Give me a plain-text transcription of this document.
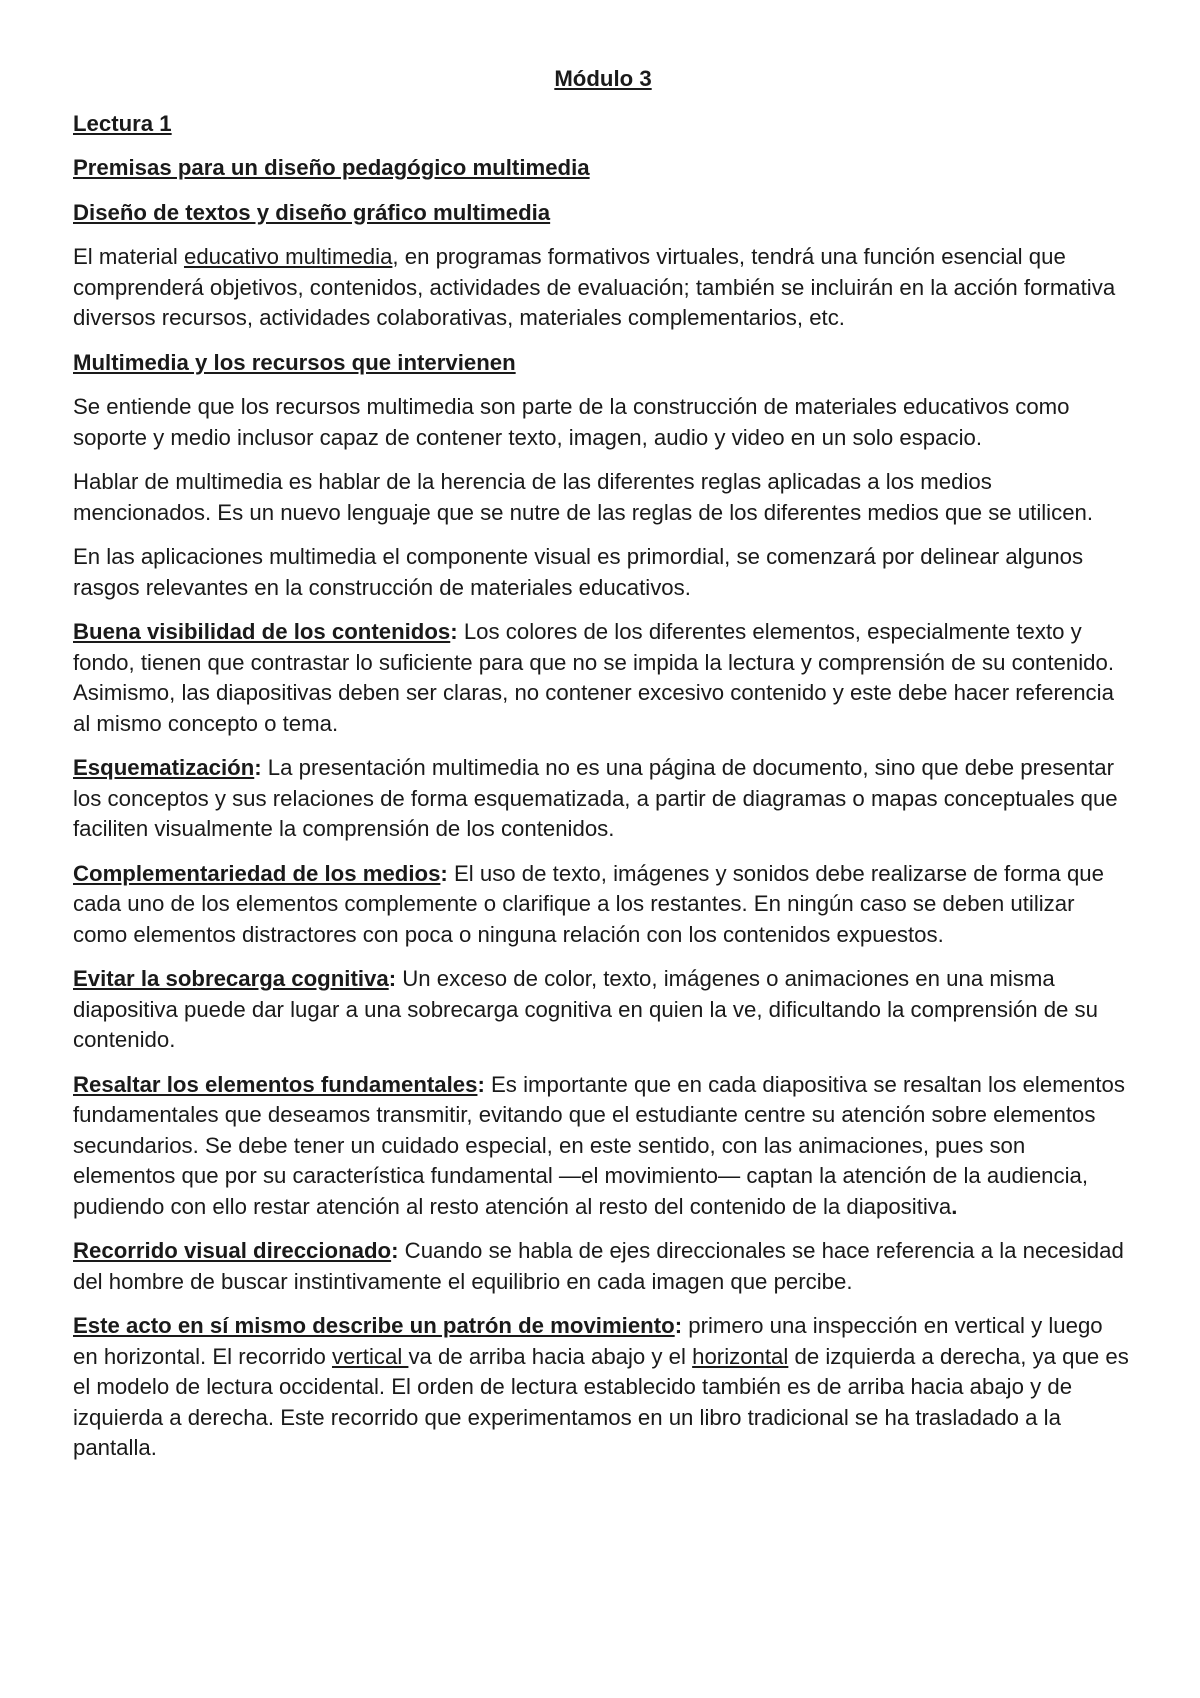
Módulo 3
Lectura 1
Premisas para un diseño pedagógico multimedia
Diseño de textos y diseño gráfico multimedia

El material educativo multimedia, en programas formativos virtuales, tendrá una función esencial que comprenderá objetivos, contenidos, actividades de evaluación; también se incluirán en la acción formativa diversos recursos, actividades colaborativas, materiales complementarios, etc.

Multimedia y los recursos que intervienen

Se entiende que los recursos multimedia son parte de la construcción de materiales educativos como soporte y medio inclusor capaz de contener texto, imagen, audio y video en un solo espacio.

Hablar de multimedia es hablar de la herencia de las diferentes reglas aplicadas a los medios mencionados. Es un nuevo lenguaje que se nutre de las reglas de los diferentes medios que se utilicen.

En las aplicaciones multimedia el componente visual es primordial, se comenzará por delinear algunos rasgos relevantes en la construcción de materiales educativos.

Buena visibilidad de los contenidos: Los colores de los diferentes elementos, especialmente texto y fondo, tienen que contrastar lo suficiente para que no se impida la lectura y comprensión de su contenido. Asimismo, las diapositivas deben ser claras, no contener excesivo contenido y este debe hacer referencia al mismo concepto o tema.

Esquematización: La presentación multimedia no es una página de documento, sino que debe presentar los conceptos y sus relaciones de forma esquematizada, a partir de diagramas o mapas conceptuales que faciliten visualmente la comprensión de los contenidos.

Complementariedad de los medios: El uso de texto, imágenes y sonidos debe realizarse de forma que cada uno de los elementos complemente o clarifique a los restantes. En ningún caso se deben utilizar como elementos distractores con poca o ninguna relación con los contenidos expuestos.

Evitar la sobrecarga cognitiva: Un exceso de color, texto, imágenes o animaciones en una misma diapositiva puede dar lugar a una sobrecarga cognitiva en quien la ve, dificultando la comprensión de su contenido.

Resaltar los elementos fundamentales: Es importante que en cada diapositiva se resaltan los elementos fundamentales que deseamos transmitir, evitando que el estudiante centre su atención sobre elementos secundarios. Se debe tener un cuidado especial, en este sentido, con las animaciones, pues son elementos que por su característica fundamental —el movimiento— captan la atención de la audiencia, pudiendo con ello restar atención al resto atención al resto del contenido de la diapositiva.

Recorrido visual direccionado: Cuando se habla de ejes direccionales se hace referencia a la necesidad del hombre de buscar instintivamente el equilibrio en cada imagen que percibe.

Este acto en sí mismo describe un patrón de movimiento: primero una inspección en vertical y luego en horizontal. El recorrido vertical va de arriba hacia abajo y el horizontal de izquierda a derecha, ya que es el modelo de lectura occidental. El orden de lectura establecido también es de arriba hacia abajo y de izquierda a derecha. Este recorrido que experimentamos en un libro tradicional se ha trasladado a la pantalla.
